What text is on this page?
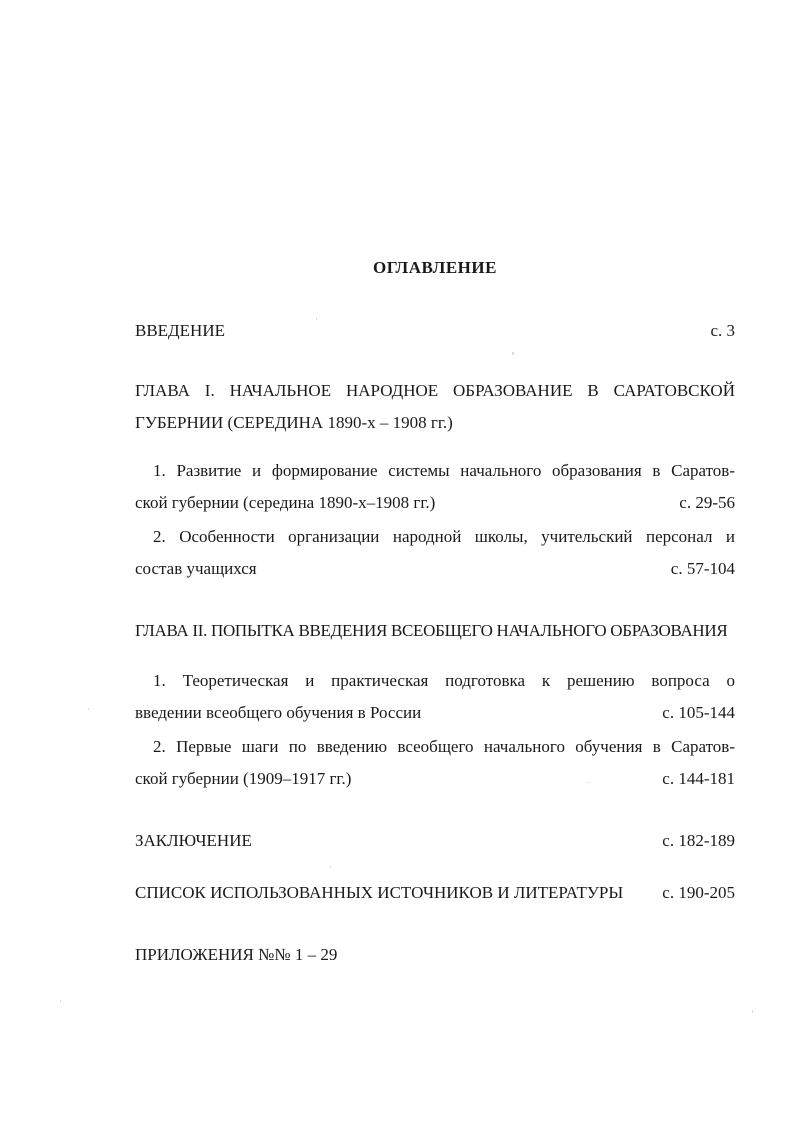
ОГЛАВЛЕНИЕ
ВВЕДЕНИЕ	с. 3
ГЛАВА I. НАЧАЛЬНОЕ НАРОДНОЕ ОБРАЗОВАНИЕ В САРАТОВСКОЙ
ГУБЕРНИИ (СЕРЕДИНА 1890-х – 1908 гг.)
1. Развитие и формирование системы начального образования в Саратов-
ской губернии (середина 1890-х–1908 гг.)	с. 29-56
2. Особенности организации народной школы, учительский персонал и
состав учащихся	с. 57-104
ГЛАВА II. ПОПЫТКА ВВЕДЕНИЯ ВСЕОБЩЕГО НАЧАЛЬНОГО ОБРАЗОВАНИЯ
1. Теоретическая и практическая подготовка к решению вопроса о
введении всеобщего обучения в России	с. 105-144
2. Первые шаги по введению всеобщего начального обучения в Саратов-
ской губернии (1909–1917 гг.)	с. 144-181
ЗАКЛЮЧЕНИЕ	с. 182-189
СПИСОК ИСПОЛЬЗОВАННЫХ ИСТОЧНИКОВ И ЛИТЕРАТУРЫ с. 190-205
ПРИЛОЖЕНИЯ №№ 1 – 29
